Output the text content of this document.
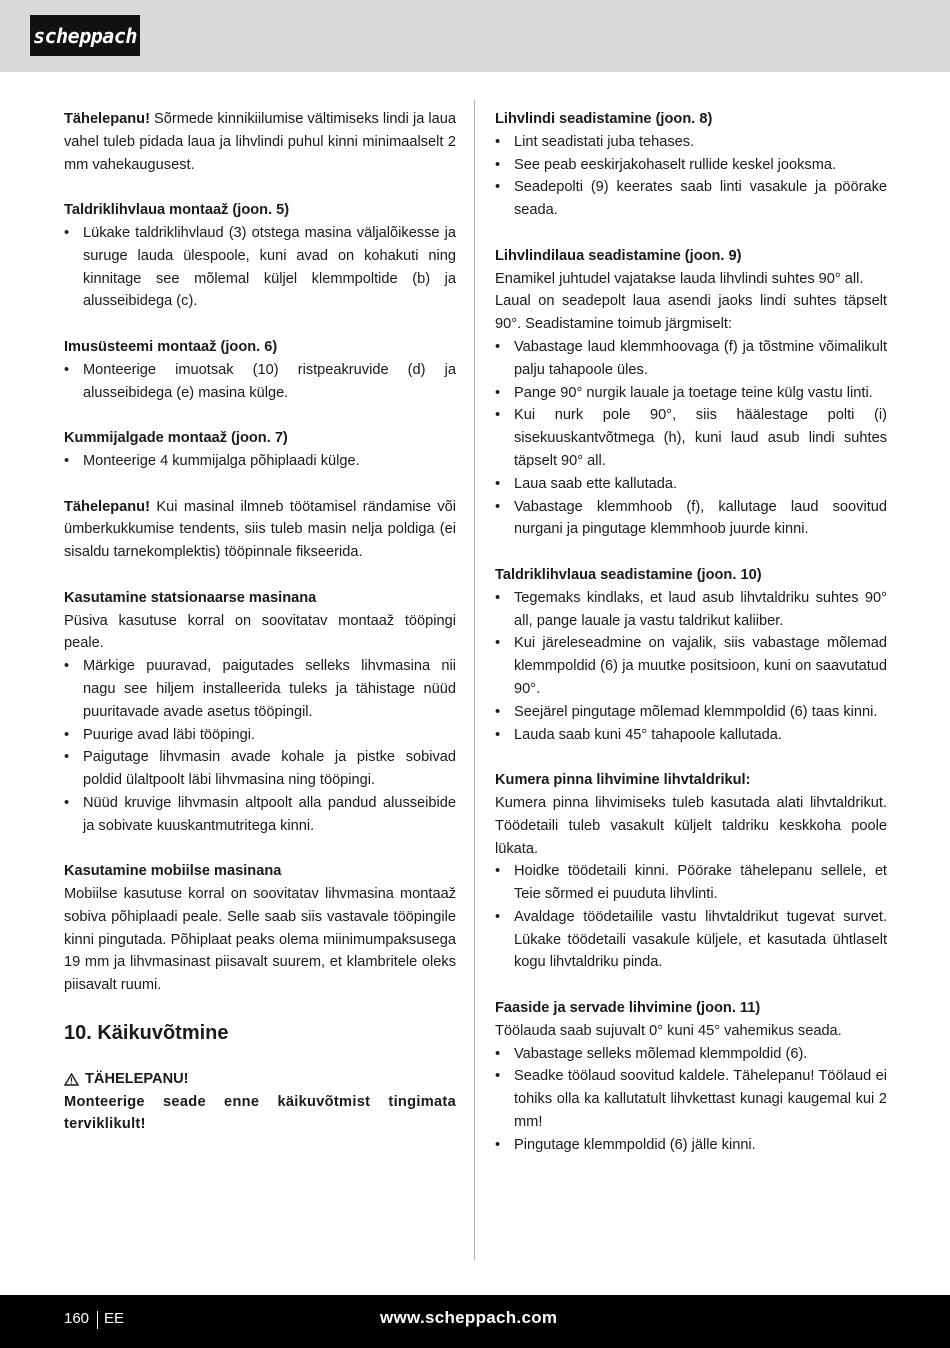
scheppach

Tähelepanu! Sõrmede kinnikiilumise vältimiseks lindi ja laua vahel tuleb pidada laua ja lihvlindi puhul kinni minimaalselt 2 mm vahekaugusest.

Taldriklihvlaua montaaž (joon. 5)
• Lükake taldriklihvlaud (3) otstega masina väljalõikesse ja suruge lauda ülespoole, kuni avad on kohakuti ning kinnitage see mõlemal küljel klemmpoltide (b) ja alusseibidega (c).
Imusüsteemi montaaž (joon. 6)
• Monteerige imuotsak (10) ristpeakruvide (d) ja alusseibidega (e) masina külge.
Kummijalgade montaaž (joon. 7)
• Monteerige 4 kummijalga põhiplaadi külge.

Tähelepanu! Kui masinal ilmneb töötamisel rändamise või ümberkukkumise tendents, siis tuleb masin nelja poldiga (ei sisaldu tarnekomplektis) tööpinnale fikseerida.

Kasutamine statsionaarse masinana

Püsiva kasutuse korral on soovitatav montaaž tööpingi peale.

• Märkige puuravad, paigutades selleks lihvmasina nii nagu see hiljem installeerida tuleks ja tähistage nüüd puuritavade avade asetus tööpingil.
• Puurige avad läbi tööpingi.
• Paigutage lihvmasin avade kohale ja pistke sobivad poldid ülaltpoolt läbi lihvmasina ning tööpingi.
• Nüüd kruvige lihvmasin altpoolt alla pandud alusseibide ja sobivate kuuskantmutritega kinni.
Kasutamine mobiilse masinana

Mobiilse kasutuse korral on soovitatav lihvmasina montaaž sobiva põhiplaadi peale. Selle saab siis vastavale tööpingile kinni pingutada. Põhiplaat peaks olema miinimumpaksusega 19 mm ja lihvmasinast piisavalt suurem, et klambritele oleks piisavalt ruumi.

10. Käikuvõtmine
TÄHELEPANU!

Monteerige seade enne käikuvõtmist tingimata terviklikult!

Lihvlindi seadistamine (joon. 8)
• Lint seadistati juba tehases.
• See peab eeskirjakohaselt rullide keskel jooksma.
• Seadepolti (9) keerates saab linti vasakule ja pöörake seada.
Lihvlindilaua seadistamine (joon. 9)

Enamikel juhtudel vajatakse lauda lihvlindi suhtes 90° all.

Laual on seadepolt laua asendi jaoks lindi suhtes täpselt 90°. Seadistamine toimub järgmiselt:

• Vabastage laud klemmhoovaga (f) ja tõstmine võimalikult palju tahapoole üles.
• Pange 90° nurgik lauale ja toetage teine külg vastu linti.
• Kui nurk pole 90°, siis häälestage polti (i) sisekuuskantvõtmega (h), kuni laud asub lindi suhtes täpselt 90° all.
• Laua saab ette kallutada.
• Vabastage klemmhoob (f), kallutage laud soovitud nurgani ja pingutage klemmhoob juurde kinni.
Taldriklihvlaua seadistamine (joon. 10)
• Tegemaks kindlaks, et laud asub lihvtaldriku suhtes 90° all, pange lauale ja vastu taldrikut kaliiber.
• Kui järeleseadmine on vajalik, siis vabastage mõlemad klemmpoldid (6) ja muutke positsioon, kuni on saavutatud 90°.
• Seejärel pingutage mõlemad klemmpoldid (6) taas kinni.
• Lauda saab kuni 45° tahapoole kallutada.
Kumera pinna lihvimine lihvtaldrikul:

Kumera pinna lihvimiseks tuleb kasutada alati lihvtaldrikut. Töödetaili tuleb vasakult küljelt taldriku keskkoha poole lükata.

• Hoidke töödetaili kinni. Pöörake tähelepanu sellele, et Teie sõrmed ei puuduta lihvlinti.
• Avaldage töödetailile vastu lihvtaldrikut tugevat survet. Lükake töödetaili vasakule küljele, et kasutada ühtlaselt kogu lihvtaldriku pinda.
Faaside ja servade lihvimine (joon. 11)

Töölauda saab sujuvalt 0° kuni 45° vahemikus seada.

• Vabastage selleks mõlemad klemmpoldid (6).
• Seadke töölaud soovitud kaldele. Tähelepanu! Töölaud ei tohiks olla ka kallutatult lihvkettast kunagi kaugemal kui 2 mm!
• Pingutage klemmpoldid (6) jälle kinni.
160 EE	www.scheppach.com
